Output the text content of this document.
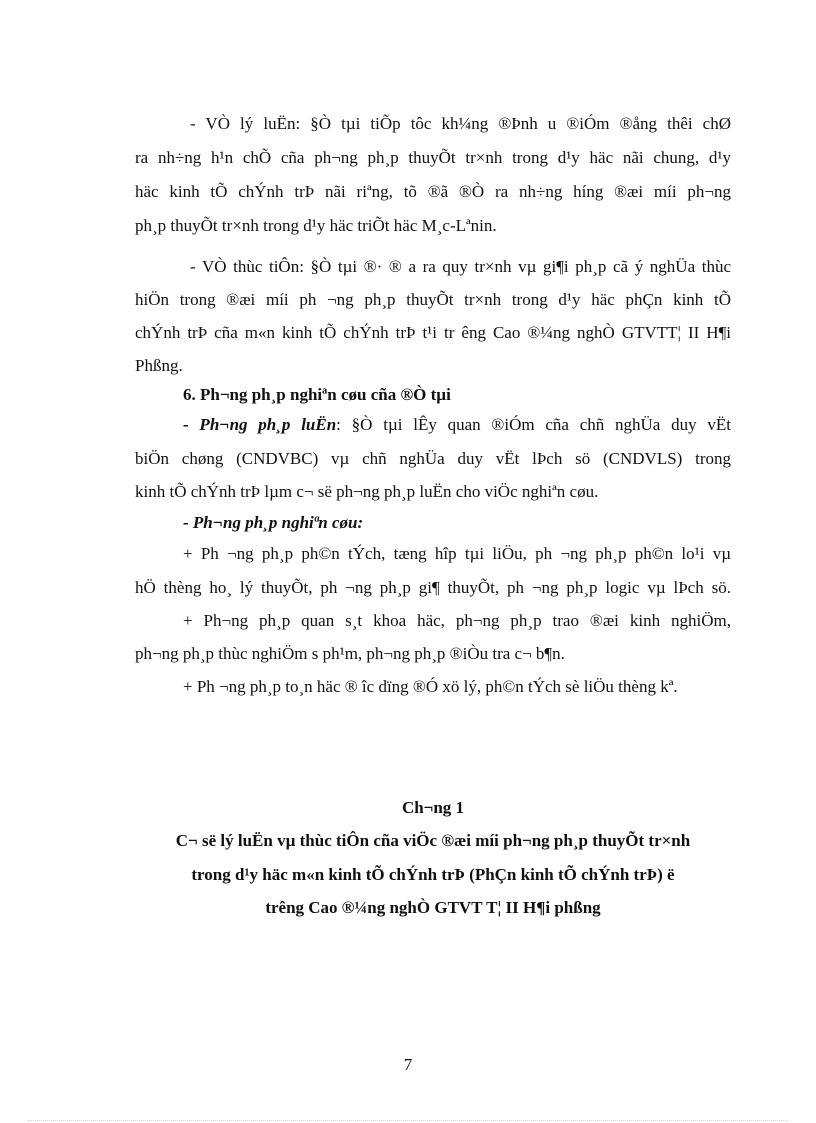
- VÒ lý luËn: §Ò tµi tiÕp tôc kh¼ng ®Þnh u ®iÓm ®ång thêi chØ
ra nh÷ng h¹n chÕ cña ph¬ng ph¸p thuyÕt tr×nh trong d¹y häc nãi chung, d¹y
häc kinh tÕ chÝnh trÞ nãi riªng, tõ ®ã ®Ò ra nh÷ng híng ®æi míi ph¬ng
ph¸p thuyÕt tr×nh trong d¹y häc triÕt häc M¸c-Lªnin.
- VÒ thùc tiÔn: §Ò tµi ®· ® a ra quy tr×nh vµ gi¶i ph¸p cã ý nghÜa thùc
hiÖn trong ®æi míi ph ¬ng ph¸p thuyÕt tr×nh trong d¹y häc phÇn kinh tÕ
chÝnh trÞ cña m«n kinh tÕ chÝnh trÞ t¹i tr êng Cao ®¼ng nghÒ GTVTT¦ II H¶i
Phßng.
6. Ph¬ng ph¸p nghiªn cøu cña ®Ò tµi
- Ph¬ng ph¸p luËn: §Ò tµi lÊy quan ®iÓm cña chñ nghÜa duy vËt
biÖn chøng (CNDVBC) vµ chñ nghÜa duy vËt lÞch sö (CNDVLS) trong
kinh tÕ chÝnh trÞ lµm c¬ së ph¬ng ph¸p luËn cho viÖc nghiªn cøu.
- Ph¬ng ph¸p nghiªn cøu:
+ Ph ¬ng ph¸p ph©n tÝch, tæng hîp tµi liÖu, ph ¬ng ph¸p ph©n lo¹i vµ
hÖ thèng ho¸ lý thuyÕt, ph ¬ng ph¸p gi¶ thuyÕt, ph ¬ng ph¸p logic vµ lÞch sö.
+ Ph¬ng ph¸p quan s¸t khoa häc, ph¬ng ph¸p trao ®æi kinh nghiÖm,
ph¬ng ph¸p thùc nghiÖm s ph¹m, ph¬ng ph¸p ®iÒu tra c¬ b¶n.
+ Ph ¬ng ph¸p to¸n häc ® îc dïng ®Ó xö lý, ph©n tÝch sè liÖu thèng kª.
Ch¬ng 1
C¬ së lý luËn vµ thùc tiÔn cña viÖc ®æi míi ph¬ng ph¸p thuyÕt tr×nh
trong d¹y häc m«n kinh tÕ chÝnh trÞ (PhÇn kinh tÕ chÝnh trÞ) ë
trêng Cao ®¼ng nghÒ GTVT T¦ II H¶i phßng
7
